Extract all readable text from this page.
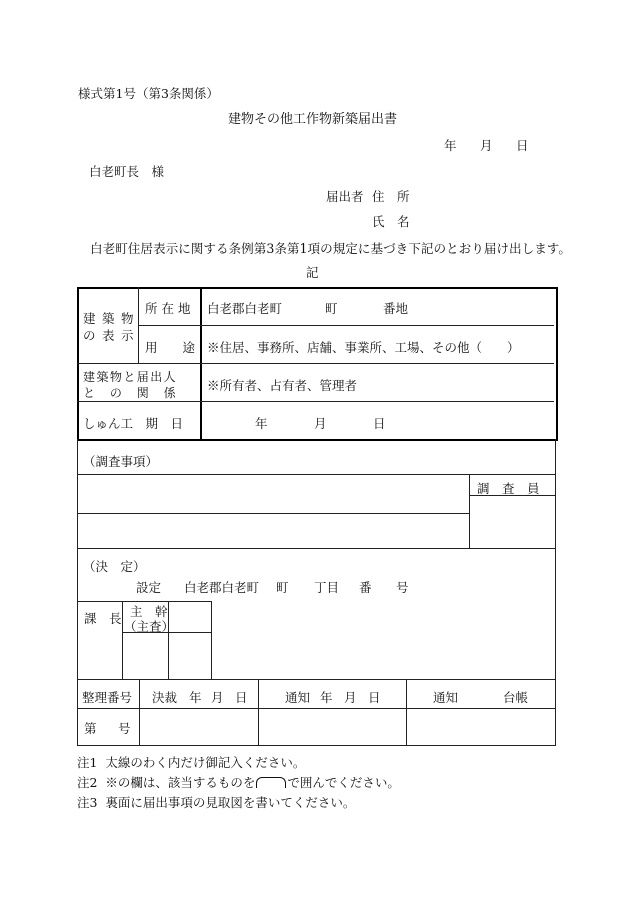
様式第1号（第3条関係）
建物その他工作物新築届出書
年 月 日
白老町長　様
届出者 住　所
氏　名
白老町住居表示に関する条例第3条第1項の規定に基づき下記のとおり届け出します。
記
建 築 物
の 表 示
所 在 地 白老郡白老町	町	番地
用　　途 ※住居、事務所、店舗、事業所、工場、その他（　　）
建築物と届出人
と　の　関　係 ※所有者、占有者、管理者
しゅん工　期　日	年	月	日
（調査事項）
調　査　員
（決　定）
設定 白老郡白老町 町 丁目 番 号
課　長 主　幹
（主査）
整理番号 決裁 年 月 日	通知 年 月 日	通知	台帳
第 号
注1 太線のわく内だけ御記入ください。
注2 ※の欄は、該当するものを○で囲んでください。
注3 裏面に届出事項の見取図を書いてください。
